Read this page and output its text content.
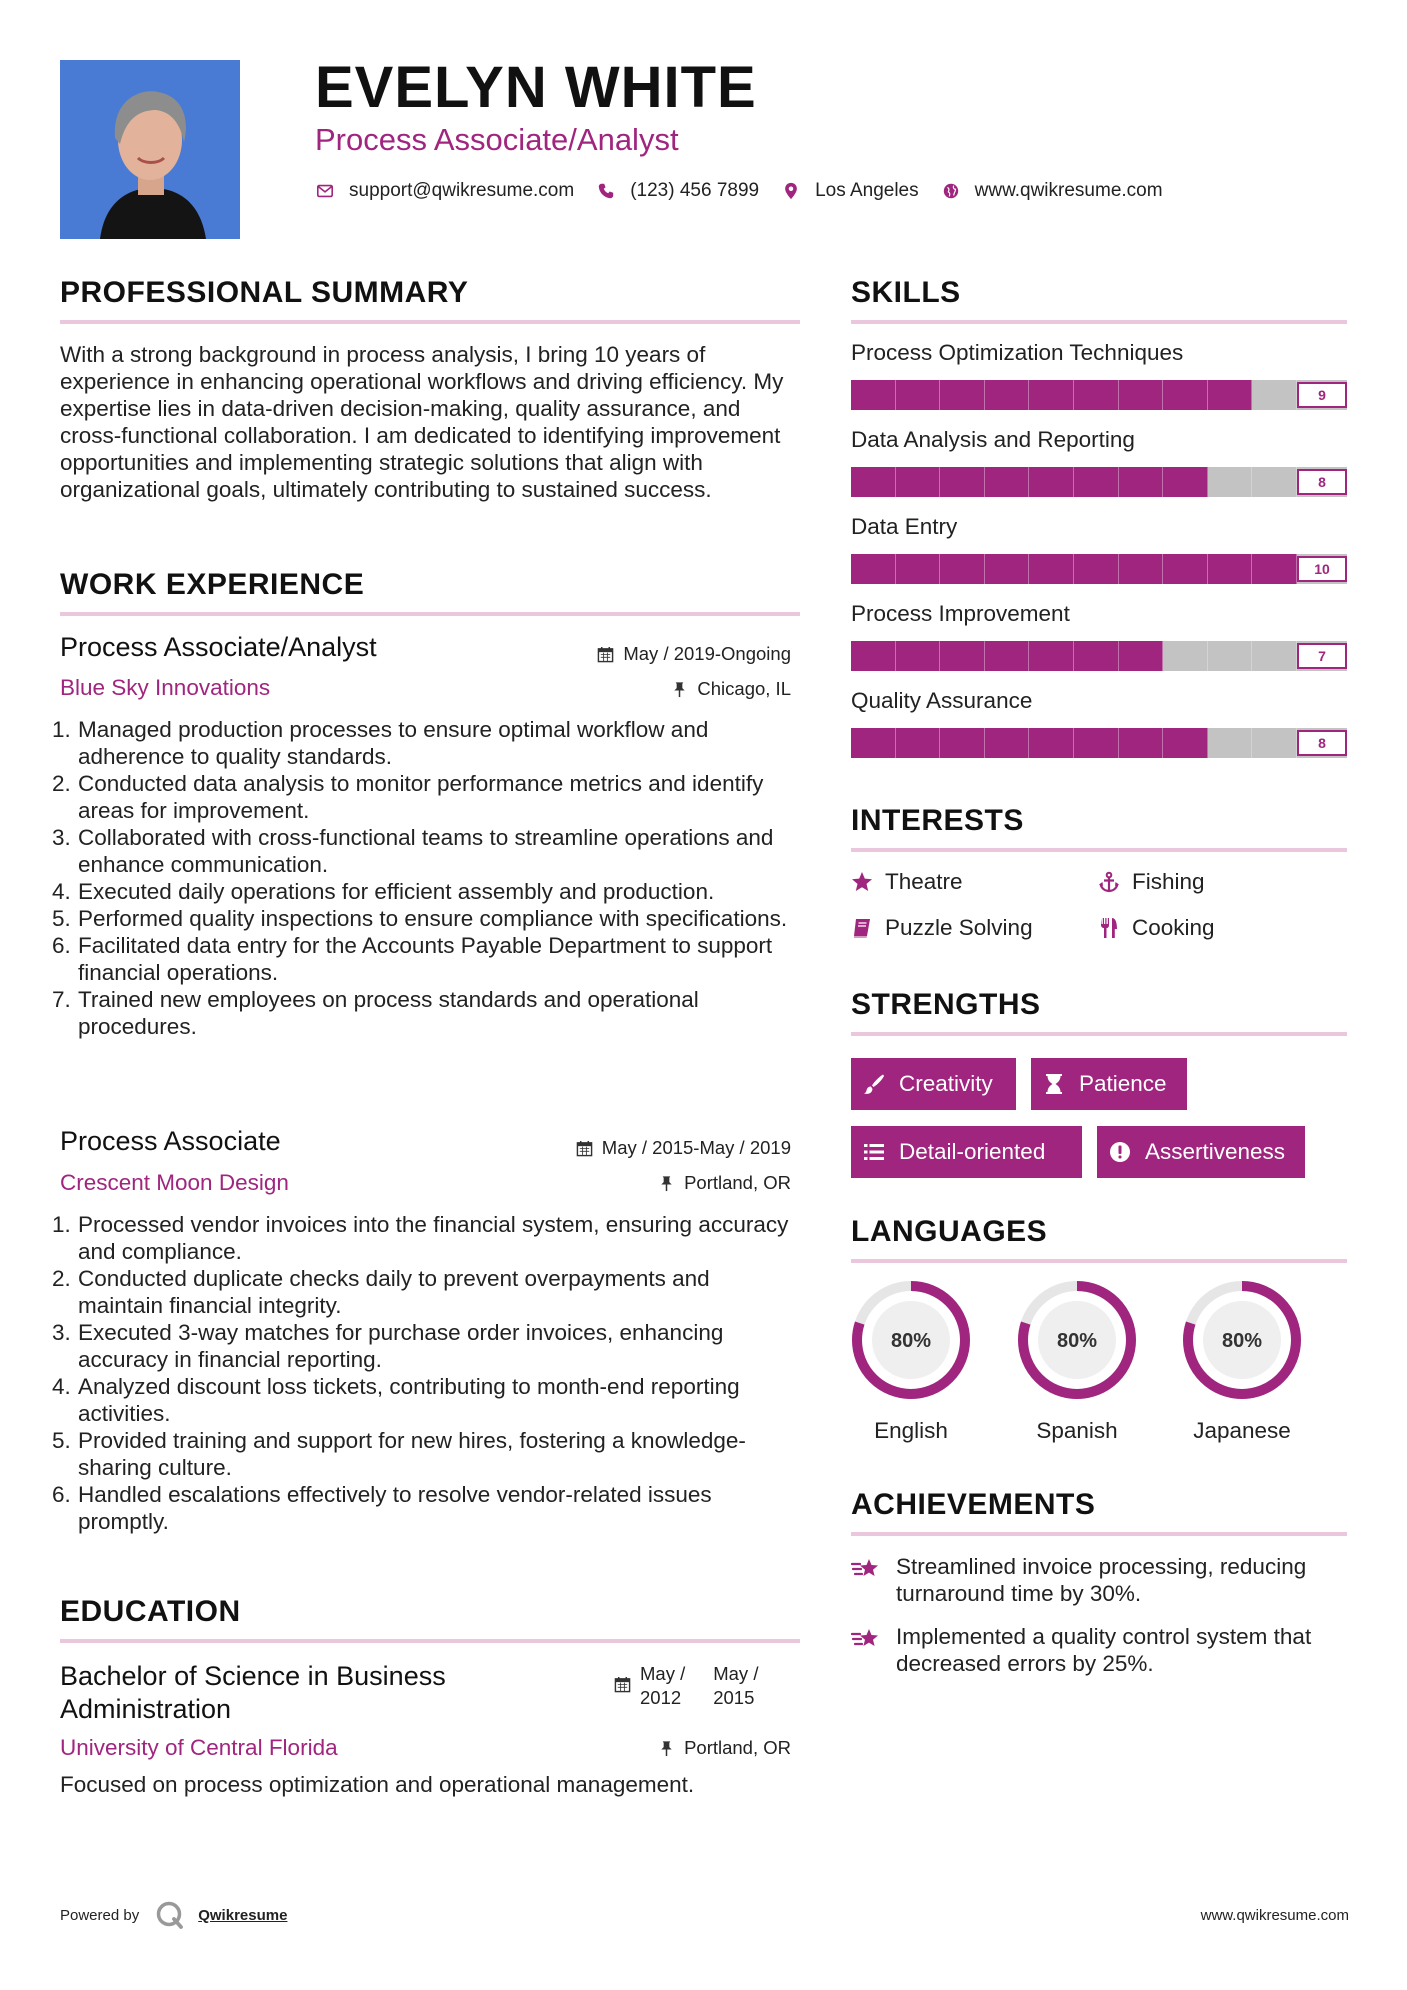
EVELYN WHITE
Process Associate/Analyst
support@qwikresume.com	(123) 456 7899	Los Angeles	www.qwikresume.com
PROFESSIONAL SUMMARY
With a strong background in process analysis, I bring 10 years of experience in enhancing operational workflows and driving efficiency. My expertise lies in data-driven decision-making, quality assurance, and cross-functional collaboration. I am dedicated to identifying improvement opportunities and implementing strategic solutions that align with organizational goals, ultimately contributing to sustained success.
WORK EXPERIENCE
Process Associate/Analyst	May / 2019-Ongoing
Blue Sky Innovations	Chicago, IL
1. Managed production processes to ensure optimal workflow and adherence to quality standards.
2. Conducted data analysis to monitor performance metrics and identify areas for improvement.
3. Collaborated with cross-functional teams to streamline operations and enhance communication.
4. Executed daily operations for efficient assembly and production.
5. Performed quality inspections to ensure compliance with specifications.
6. Facilitated data entry for the Accounts Payable Department to support financial operations.
7. Trained new employees on process standards and operational procedures.
Process Associate	May / 2015-May / 2019
Crescent Moon Design	Portland, OR
1. Processed vendor invoices into the financial system, ensuring accuracy and compliance.
2. Conducted duplicate checks daily to prevent overpayments and maintain financial integrity.
3. Executed 3-way matches for purchase order invoices, enhancing accuracy in financial reporting.
4. Analyzed discount loss tickets, contributing to month-end reporting activities.
5. Provided training and support for new hires, fostering a knowledge-sharing culture.
6. Handled escalations effectively to resolve vendor-related issues promptly.
EDUCATION
Bachelor of Science in Business Administration
May /
2012
May /
2015
University of Central Florida	Portland, OR
Focused on process optimization and operational management.
SKILLS
Process Optimization Techniques
9
Data Analysis and Reporting
8
Data Entry
10
Process Improvement
7
Quality Assurance
8
INTERESTS
Theatre	Fishing
Puzzle Solving	Cooking
STRENGTHS
Creativity	Patience
Detail-oriented	Assertiveness
LANGUAGES
80%
English
80%
Spanish
80%
Japanese
ACHIEVEMENTS
Streamlined invoice processing, reducing turnaround time by 30%.
Implemented a quality control system that decreased errors by 25%.
Powered by	Qwikresume	www.qwikresume.com
